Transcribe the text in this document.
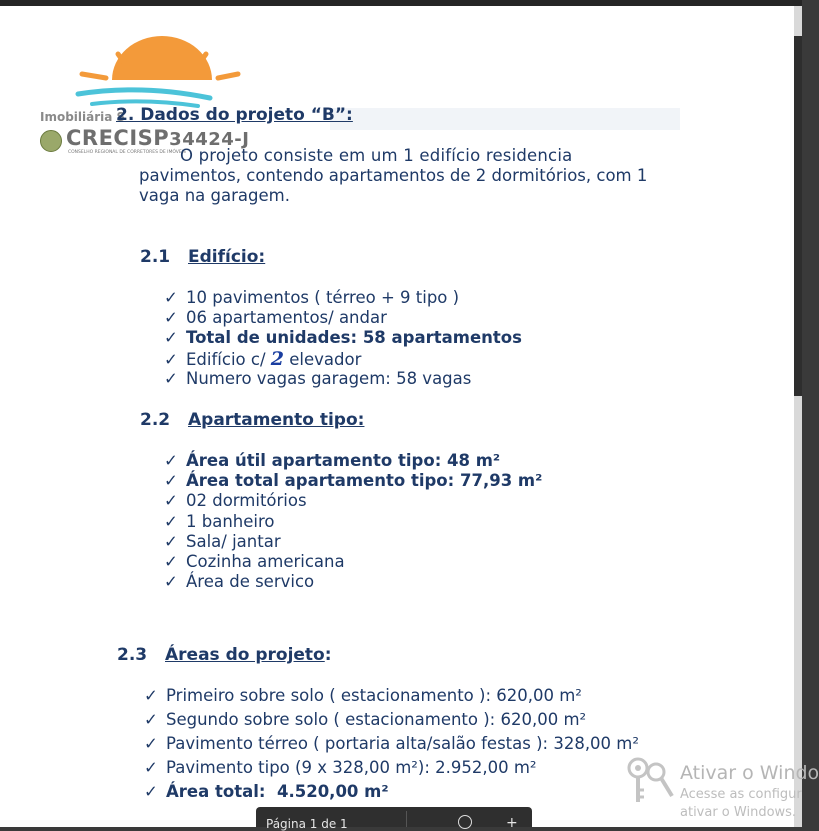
Imobiliária S
CRECISP34424-J
CONSELHO REGIONAL DE CORRETORES DE IMÓVEIS
2. Dados do projeto “B”:
O projeto consiste em um 1 edifício residencia
pavimentos, contendo apartamentos de 2 dormitórios, com 1
vaga na garagem.
2.1 Edifício:
✓ 10 pavimentos ( térreo + 9 tipo )
✓ 06 apartamentos/ andar
✓ Total de unidades: 58 apartamentos
✓ Edifício c/ 2 elevador
✓ Numero vagas garagem: 58 vagas
2.2 Apartamento tipo:
✓ Área útil apartamento tipo: 48 m²
✓ Área total apartamento tipo: 77,93 m²
✓ 02 dormitórios
✓ 1 banheiro
✓ Sala/ jantar
✓ Cozinha americana
✓ Área de servico
2.3 Áreas do projeto:
✓ Primeiro sobre solo ( estacionamento ): 620,00 m²
✓ Segundo sobre solo ( estacionamento ): 620,00 m²
✓ Pavimento térreo ( portaria alta/salão festas ): 328,00 m²
✓ Pavimento tipo (9 x 328,00 m²): 2.952,00 m²
✓ Área total: 4.520,00 m²
Ativar o Windo
Acesse as configur
ativar o Windows.
Página 1 de 1	+
